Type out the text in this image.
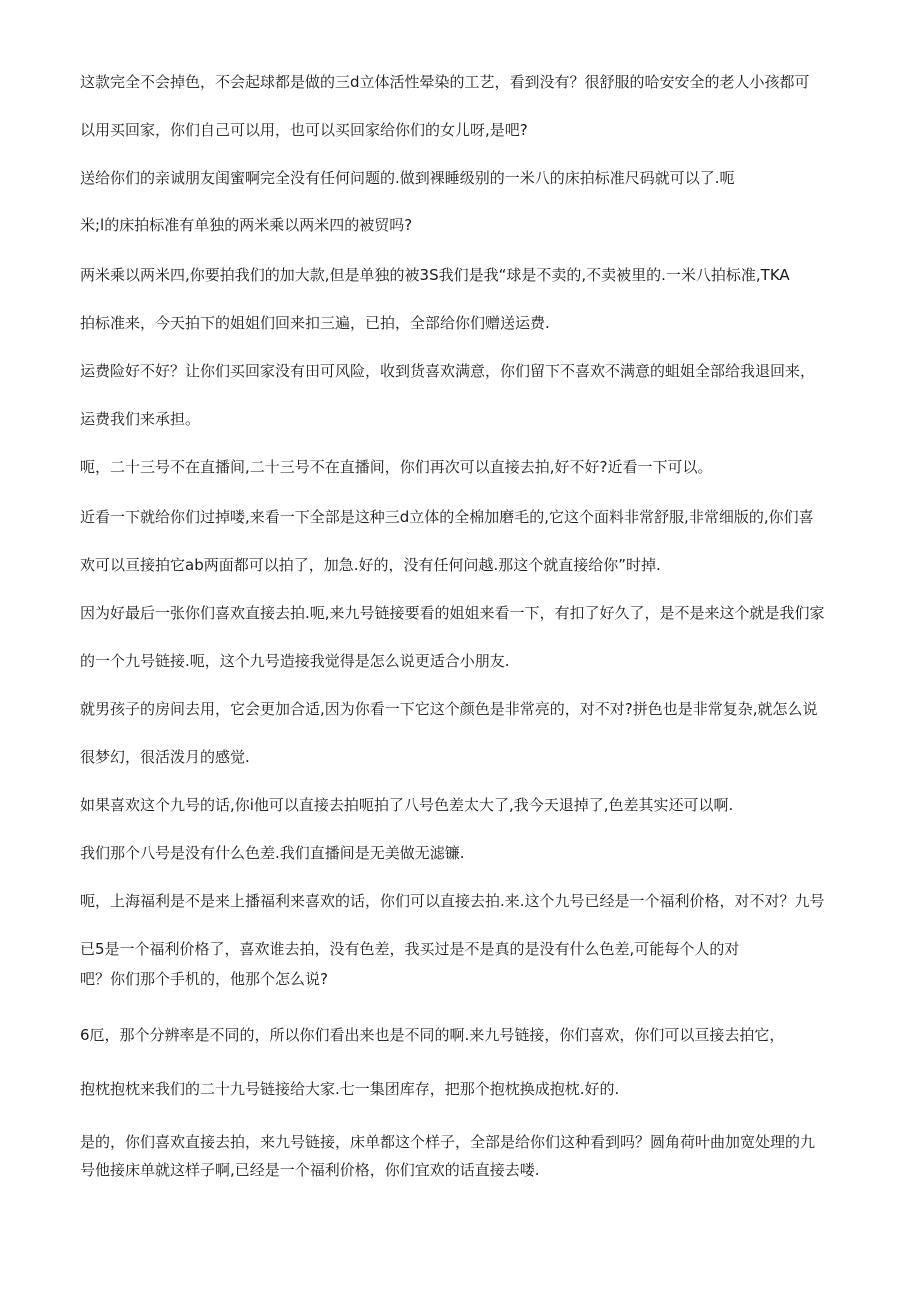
这款完全不会掉色，不会起球都是做的三d立体活性晕染的工艺，看到没有？很舒服的哈安安全的老人小孩都可
以用买回家，你们自己可以用，也可以买回家给你们的女儿呀,是吧?
送给你们的亲诚朋友闺蜜啊完全没有任何问题的.做到裸睡级别的一米八的床拍标准尺码就可以了.呃
米;l的床拍标准有单独的两米乘以两米四的被贸吗?
两米乘以两米四,你要拍我们的加大款,但是单独的被3S我们是我“球是不卖的,不卖被里的.一米八拍标准,TKA
拍标准来，今天拍下的姐姐们回来扣三遍，已拍，全部给你们赠送运费.
运费险好不好？让你们买回家没有田可风险，收到货喜欢满意，你们留下不喜欢不满意的蛆姐全部给我退回来，
运费我们来承担。
呃，二十三号不在直播间,二十三号不在直播间，你们再次可以直接去拍,好不好?近看一下可以。
近看一下就给你们过掉喽,来看一下全部是这种三d立体的全棉加磨毛的,它这个面料非常舒服,非常细版的,你们喜
欢可以亘接拍它ab两面都可以拍了，加急.好的，没有任何问越.那这个就直接给你”时掉.
因为好最后一张你们喜欢直接去拍.呃,来九号链接要看的姐姐来看一下，有扣了好久了，是不是来这个就是我们家
的一个九号链接.呃，这个九号造接我觉得是怎么说更适合小朋友.
就男孩子的房间去用，它会更加合适,因为你看一下它这个颜色是非常亮的，对不对?拼色也是非常复杂,就怎么说
很梦幻，很活泼月的感觉.
如果喜欢这个九号的话,你i他可以直接去拍呃拍了八号色差太大了,我今天退掉了,色差其实还可以啊.
我们那个八号是没有什么色差.我们直播间是无美做无滤镰.
呃，上海福利是不是来上播福利来喜欢的话，你们可以直接去拍.来.这个九号已经是一个福利价格，对不对？九号
已5是一个福利价格了，喜欢谁去拍，没有色差，我买过是不是真的是没有什么色差,可能每个人的对
吧？你们那个手机的，他那个怎么说?
6厄，那个分辨率是不同的，所以你们看出来也是不同的啊.来九号链接，你们喜欢，你们可以亘接去拍它，
抱枕抱枕来我们的二十九号链接给大家.七一集团库存，把那个抱枕换成抱枕.好的.
是的，你们喜欢直接去拍，来九号链接，床单都这个样子，全部是给你们这种看到吗？圆角荷叶曲加宽处理的九
号他接床单就这样子啊,已经是一个福利价格，你们宜欢的话直接去喽.
